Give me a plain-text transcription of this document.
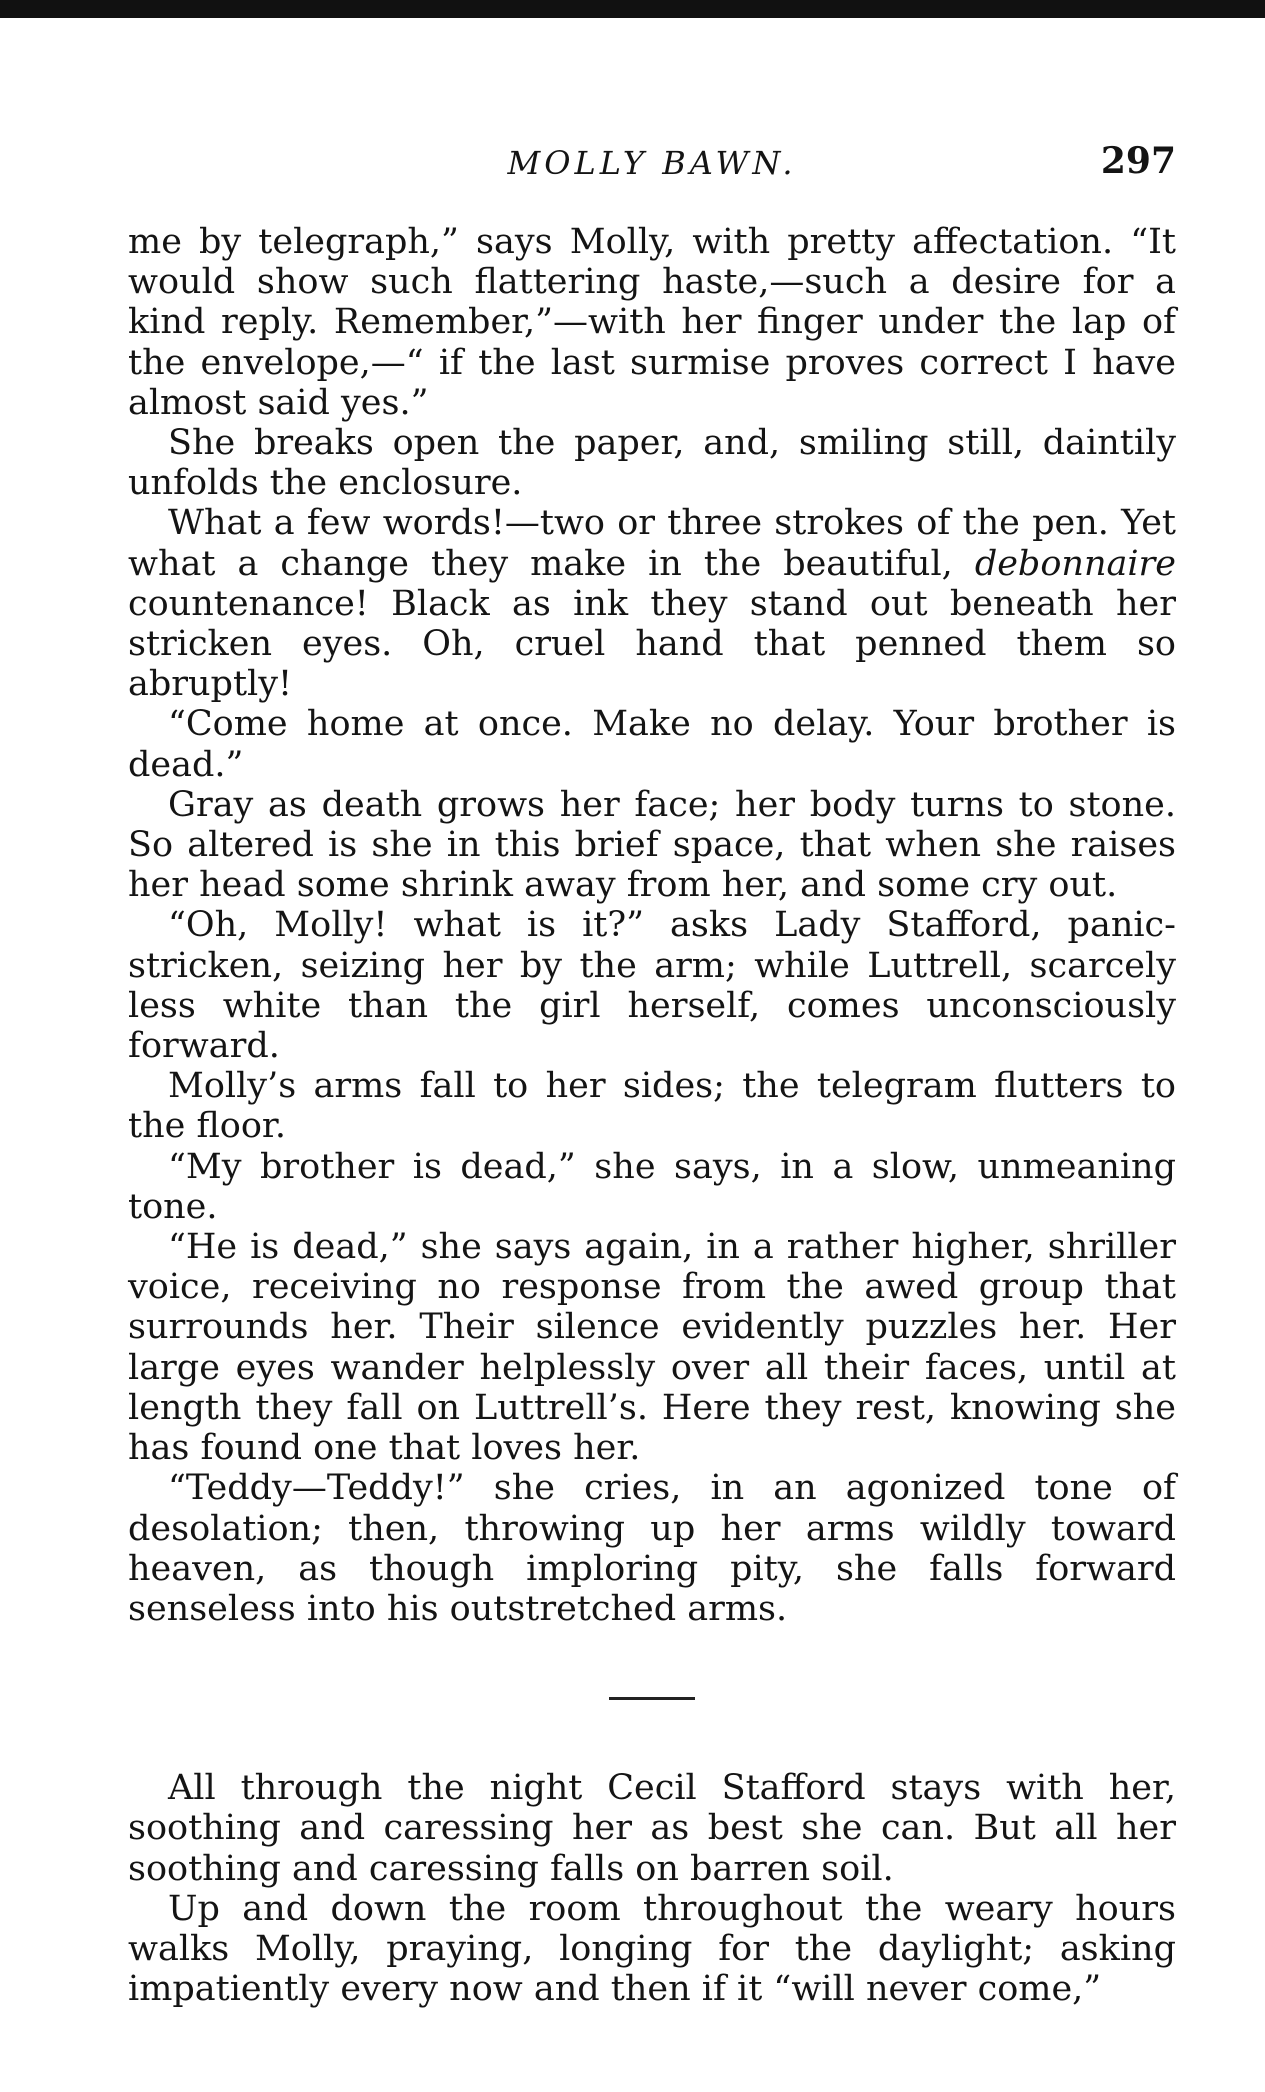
MOLLY BAWN.	297

me by telegraph,” says Molly, with pretty affectation. “It would show such flattering haste,—such a desire for a kind reply. Remember,”—with her finger under the lap of the envelope,—“ if the last surmise proves correct I have almost said yes.”

She breaks open the paper, and, smiling still, daintily unfolds the enclosure.

What a few words!—two or three strokes of the pen. Yet what a change they make in the beautiful, debonnaire countenance! Black as ink they stand out beneath her stricken eyes. Oh, cruel hand that penned them so abruptly!

“Come home at once. Make no delay. Your brother is dead.”

Gray as death grows her face; her body turns to stone. So altered is she in this brief space, that when she raises her head some shrink away from her, and some cry out.

“Oh, Molly! what is it?” asks Lady Stafford, panic-stricken, seizing her by the arm; while Luttrell, scarcely less white than the girl herself, comes unconsciously forward.

Molly’s arms fall to her sides; the telegram flutters to the floor.

“My brother is dead,” she says, in a slow, unmeaning tone.

“He is dead,” she says again, in a rather higher, shriller voice, receiving no response from the awed group that surrounds her. Their silence evidently puzzles her. Her large eyes wander helplessly over all their faces, until at length they fall on Luttrell’s. Here they rest, knowing she has found one that loves her.

“Teddy—Teddy!” she cries, in an agonized tone of desolation; then, throwing up her arms wildly toward heaven, as though imploring pity, she falls forward senseless into his outstretched arms.

All through the night Cecil Stafford stays with her, soothing and caressing her as best she can. But all her soothing and caressing falls on barren soil.

Up and down the room throughout the weary hours walks Molly, praying, longing for the daylight; asking impatiently every now and then if it “will never come,”
